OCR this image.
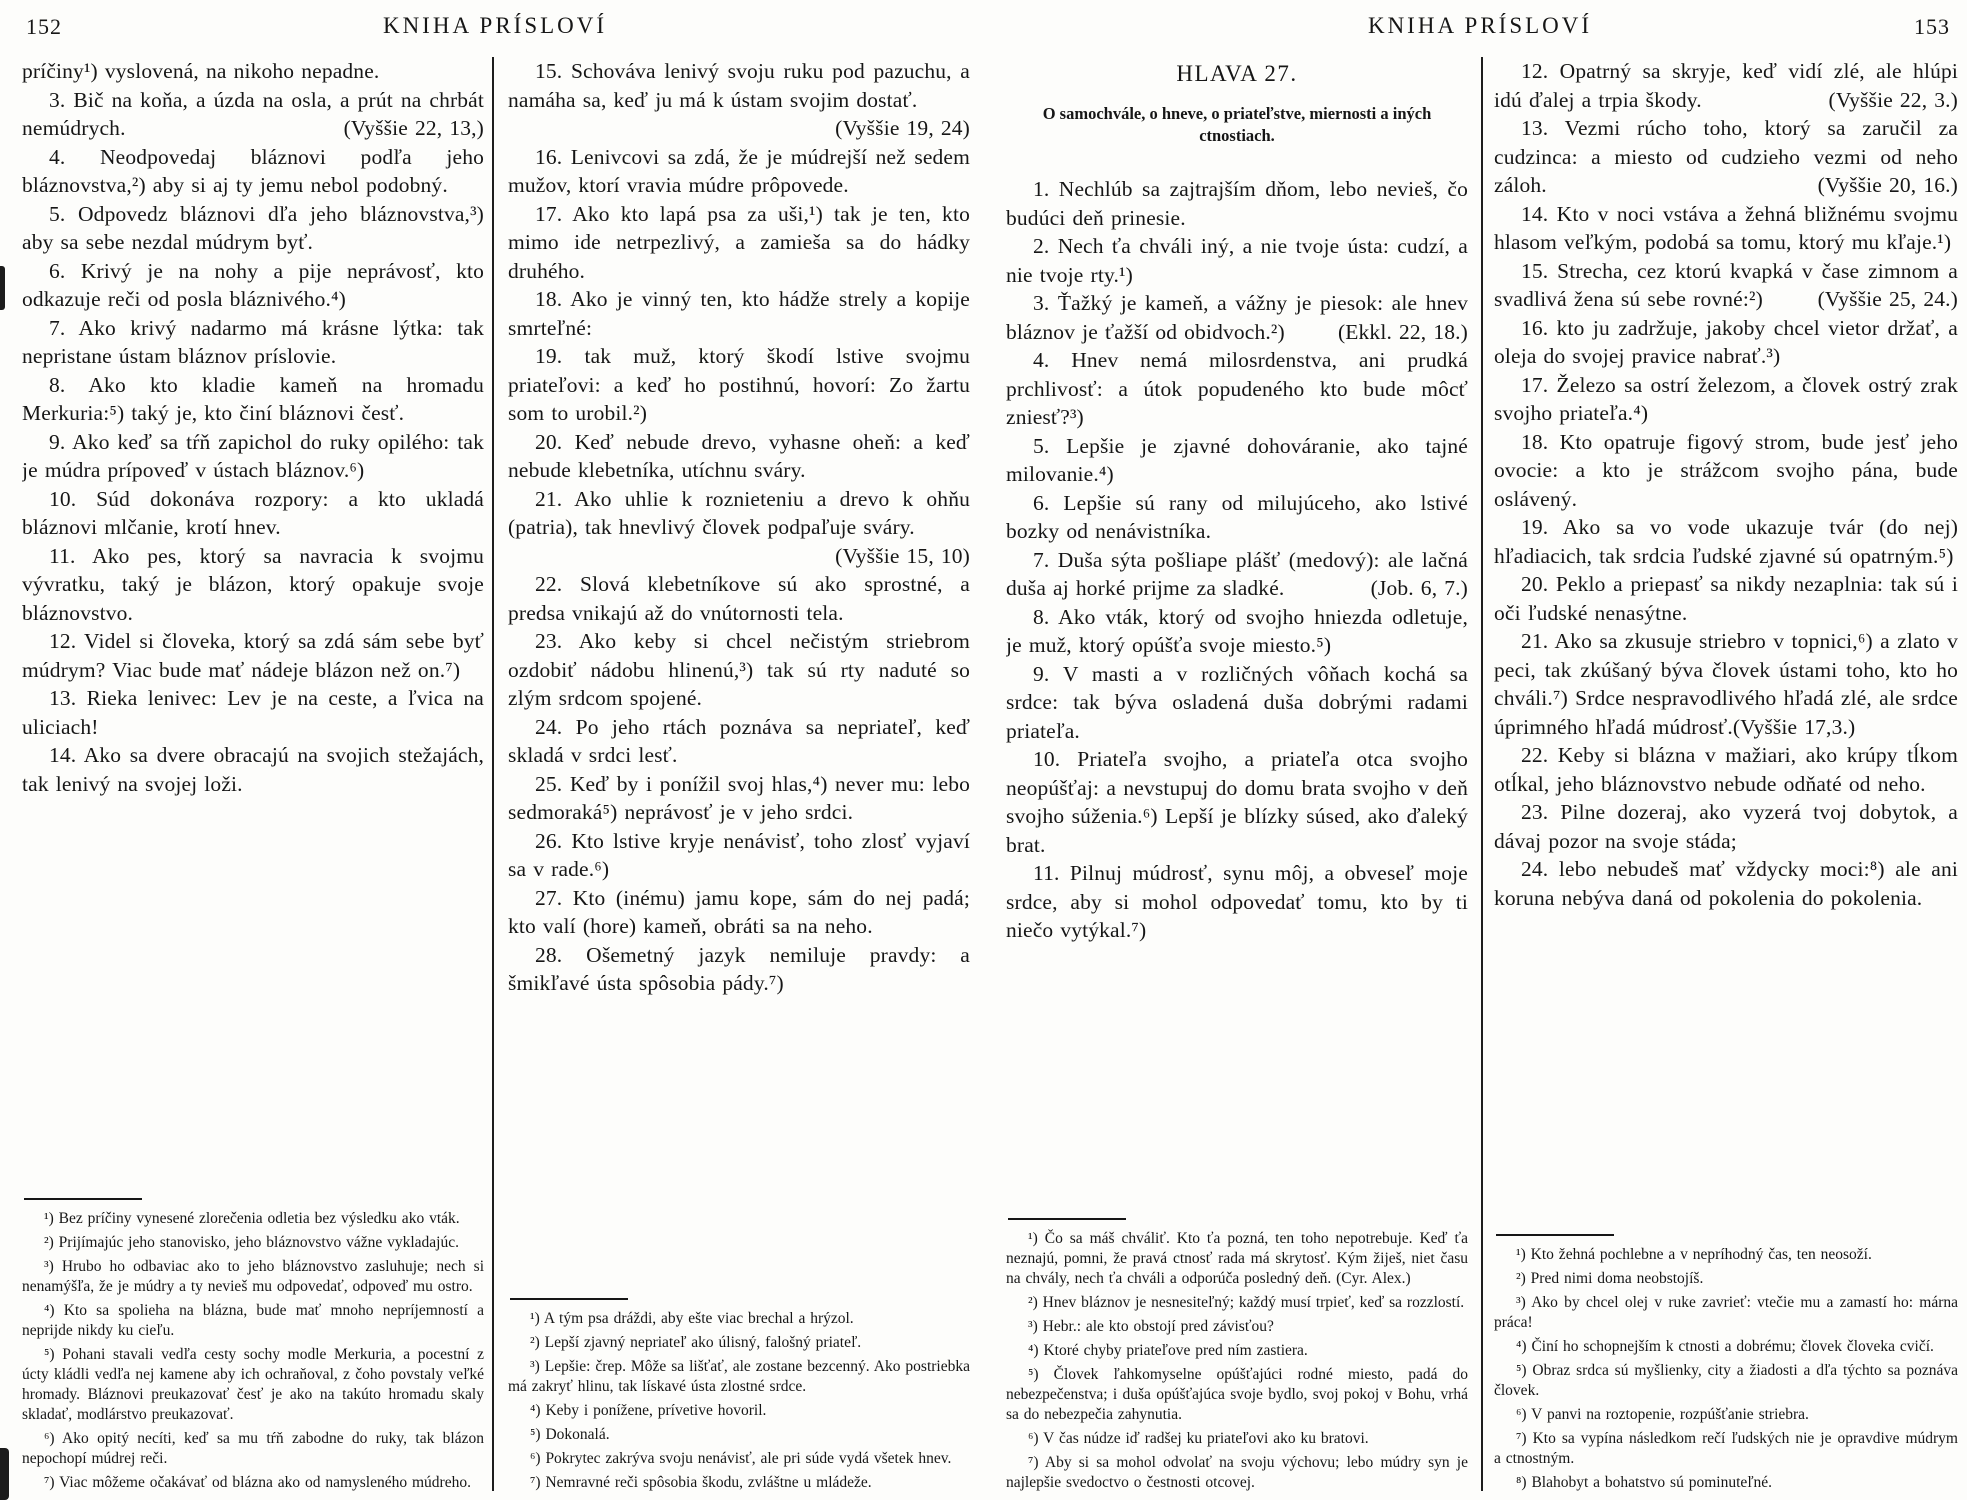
152	KNIHA PRÍSLOVÍ	KNIHA PRÍSLOVÍ	153

príčiny¹) vyslovená, na nikoho nepadne.

3. Bič na koňa, a úzda na osla, a prút na chrbát nemúdrych.	(Vyššie 22, 13,)

4. Neodpovedaj bláznovi podľa jeho bláznovstva,²) aby si aj ty jemu nebol podobný.

5. Odpovedz bláznovi dľa jeho bláznovstva,³) aby sa sebe nezdal múdrym byť.

6. Krivý je na nohy a pije neprávosť, kto odkazuje reči od posla bláznivého.⁴)

7. Ako krivý nadarmo má krásne lýtka: tak nepristane ústam bláznov príslovie.

8. Ako kto kladie kameň na hromadu Merkuria:⁵) taký je, kto činí bláznovi česť.

9. Ako keď sa tŕň zapichol do ruky opilého: tak je múdra prípoveď v ústach bláznov.⁶)

10. Súd dokonáva rozpory: a kto ukladá bláznovi mlčanie, krotí hnev.

11. Ako pes, ktorý sa navracia k svojmu vývratku, taký je blázon, ktorý opakuje svoje bláznovstvo.

12. Videl si človeka, ktorý sa zdá sám sebe byť múdrym? Viac bude mať nádeje blázon než on.⁷)

13. Rieka lenivec: Lev je na ceste, a ľvica na uliciach!

14. Ako sa dvere obracajú na svojich stežajách, tak lenivý na svojej loži.

¹) Bez príčiny vynesené zlorečenia odletia bez výsledku ako vták.

²) Prijímajúc jeho stanovisko, jeho bláznovstvo vážne vykladajúc.

³) Hrubo ho odbaviac ako to jeho bláznovstvo zasluhuje; nech si nenamýšľa, že je múdry a ty nevieš mu odpovedať, odpoveď mu ostro.

⁴) Kto sa spolieha na blázna, bude mať mnoho nepríjemností a neprijde nikdy ku cieľu.

⁵) Pohani stavali vedľa cesty sochy modle Merkuria, a pocestní z úcty kládli vedľa nej kamene aby ich ochraňoval, z čoho povstaly veľké hromady. Bláznovi preukazovať česť je ako na takúto hromadu skaly skladať, modlárstvo preukazovať.

⁶) Ako opitý necíti, keď sa mu tŕň zabodne do ruky, tak blázon nepochopí múdrej reči.

⁷) Viac môžeme očakávať od blázna ako od namysleného múdreho.

15. Schováva lenivý svoju ruku pod pazuchu, a namáha sa, keď ju má k ústam svojim dostať.
(Vyššie 19, 24)

16. Lenivcovi sa zdá, že je múdrejší než sedem mužov, ktorí vravia múdre prôpovede.

17. Ako kto lapá psa za uši,¹) tak je ten, kto mimo ide netrpezlivý, a zamieša sa do hádky druhého.

18. Ako je vinný ten, kto hádže strely a kopije smrteľné:

19. tak muž, ktorý škodí lstive svojmu priateľovi: a keď ho postihnú, hovorí: Zo žartu som to urobil.²)

20. Keď nebude drevo, vyhasne oheň: a keď nebude klebetníka, utíchnu sváry.

21. Ako uhlie k roznieteniu a drevo k ohňu (patria), tak hnevlivý človek podpaľuje sváry.
(Vyššie 15, 10)

22. Slová klebetníkove sú ako sprostné, a predsa vnikajú až do vnútornosti tela.

23. Ako keby si chcel nečistým striebrom ozdobiť nádobu hlinenú,³) tak sú rty naduté so zlým srdcom spojené.

24. Po jeho rtách poznáva sa nepriateľ, keď skladá v srdci lesť.

25. Keď by i ponížil svoj hlas,⁴) never mu: lebo sedmoraká⁵) neprávosť je v jeho srdci.

26. Kto lstive kryje nenávisť, toho zlosť vyjaví sa v rade.⁶)

27. Kto (inému) jamu kope, sám do nej padá; kto valí (hore) kameň, obráti sa na neho.

28. Ošemetný jazyk nemiluje pravdy: a šmikľavé ústa spôsobia pády.⁷)

¹) A tým psa dráždi, aby ešte viac brechal a hrýzol.

²) Lepší zjavný nepriateľ ako úlisný, falošný priateľ.

³) Lepšie: črep. Môže sa lišťať, ale zostane bezcenný. Ako postriebka má zakryť hlinu, tak lískavé ústa zlostné srdce.

⁴) Keby i ponížene, prívetive hovoril.

⁵) Dokonalá.

⁶) Pokrytec zakrýva svoju nenávisť, ale pri súde vydá všetek hnev.

⁷) Nemravné reči spôsobia škodu, zvláštne u mládeže.

HLAVA 27.

O samochvále, o hneve, o priateľstve, miernosti a iných ctnostiach.

1. Nechlúb sa zajtrajším dňom, lebo nevieš, čo budúci deň prinesie.

2. Nech ťa chváli iný, a nie tvoje ústa: cudzí, a nie tvoje rty.¹)

3. Ťažký je kameň, a vážny je piesok: ale hnev bláznov je ťažší od obidvoch.²)	(Ekkl. 22, 18.)

4. Hnev nemá milosrdenstva, ani prudká prchlivosť: a útok popudeného kto bude môcť zniesť?³)

5. Lepšie je zjavné dohováranie, ako tajné milovanie.⁴)

6. Lepšie sú rany od milujúceho, ako lstivé bozky od nenávistníka.

7. Duša sýta pošliape plášť (medový): ale lačná duša aj horké prijme za sladké.	(Job. 6, 7.)

8. Ako vták, ktorý od svojho hniezda odletuje, je muž, ktorý opúšťa svoje miesto.⁵)

9. V masti a v rozličných vôňach kochá sa srdce: tak býva osladená duša dobrými radami priateľa.

10. Priateľa svojho, a priateľa otca svojho neopúšťaj: a nevstupuj do domu brata svojho v deň svojho súženia.⁶) Lepší je blízky súsed, ako ďaleký brat.

11. Pilnuj múdrosť, synu môj, a obveseľ moje srdce, aby si mohol odpovedať tomu, kto by ti niečo vytýkal.⁷)

¹) Čo sa máš chváliť. Kto ťa pozná, ten toho nepotrebuje. Keď ťa neznajú, pomni, že pravá ctnosť rada má skrytosť. Kým žiješ, niet času na chvály, nech ťa chváli a odporúča posledný deň. (Cyr. Alex.)

²) Hnev bláznov je nesnesiteľný; každý musí trpieť, keď sa rozzlostí.

³) Hebr.: ale kto obstojí pred závisťou?

⁴) Ktoré chyby priateľove pred ním zastiera.

⁵) Človek ľahkomyselne opúšťajúci rodné miesto, padá do nebezpečenstva; i duša opúšťajúca svoje bydlo, svoj pokoj v Bohu, vrhá sa do nebezpečia zahynutia.

⁶) V čas núdze iď radšej ku priateľovi ako ku bratovi.

⁷) Aby si sa mohol odvolať na svoju výchovu; lebo múdry syn je najlepšie svedoctvo o čestnosti otcovej.

12. Opatrný sa skryje, keď vidí zlé, ale hlúpi idú ďalej a trpia škody.	(Vyššie 22, 3.)

13. Vezmi rúcho toho, ktorý sa zaručil za cudzinca: a miesto od cudzieho vezmi od neho záloh.	(Vyššie 20, 16.)

14. Kto v noci vstáva a žehná bližnému svojmu hlasom veľkým, podobá sa tomu, ktorý mu kľaje.¹)

15. Strecha, cez ktorú kvapká v čase zimnom a svadlivá žena sú sebe rovné:²)	(Vyššie 25, 24.)

16. kto ju zadržuje, jakoby chcel vietor držať, a oleja do svojej pravice nabrať.³)

17. Železo sa ostrí železom, a človek ostrý zrak svojho priateľa.⁴)

18. Kto opatruje figový strom, bude jesť jeho ovocie: a kto je strážcom svojho pána, bude oslávený.

19. Ako sa vo vode ukazuje tvár (do nej) hľadiacich, tak srdcia ľudské zjavné sú opatrným.⁵)

20. Peklo a priepasť sa nikdy nezaplnia: tak sú i oči ľudské nenasýtne.

21. Ako sa zkusuje striebro v topnici,⁶) a zlato v peci, tak zkúšaný býva človek ústami toho, kto ho chváli.⁷) Srdce nespravodlivého hľadá zlé, ale srdce úprimného hľadá múdrosť.(Vyššie 17,3.)

22. Keby si blázna v mažiari, ako krúpy tĺkom otĺkal, jeho bláznovstvo nebude odňaté od neho.

23. Pilne dozeraj, ako vyzerá tvoj dobytok, a dávaj pozor na svoje stáda;

24. lebo nebudeš mať vždycky moci:⁸) ale ani koruna nebýva daná od pokolenia do pokolenia.

¹) Kto žehná pochlebne a v nepríhodný čas, ten neosoží.

²) Pred nimi doma neobstojíš.

³) Ako by chcel olej v ruke zavrieť: vtečie mu a zamastí ho: márna práca!

⁴) Činí ho schopnejším k ctnosti a dobrému; človek človeka cvičí.

⁵) Obraz srdca sú myšlienky, city a žiadosti a dľa týchto sa poznáva človek.

⁶) V panvi na roztopenie, rozpúšťanie striebra.

⁷) Kto sa vypína následkom rečí ľudských nie je opravdive múdrym a ctnostným.

⁸) Blahobyt a bohatstvo sú pominuteľné.
